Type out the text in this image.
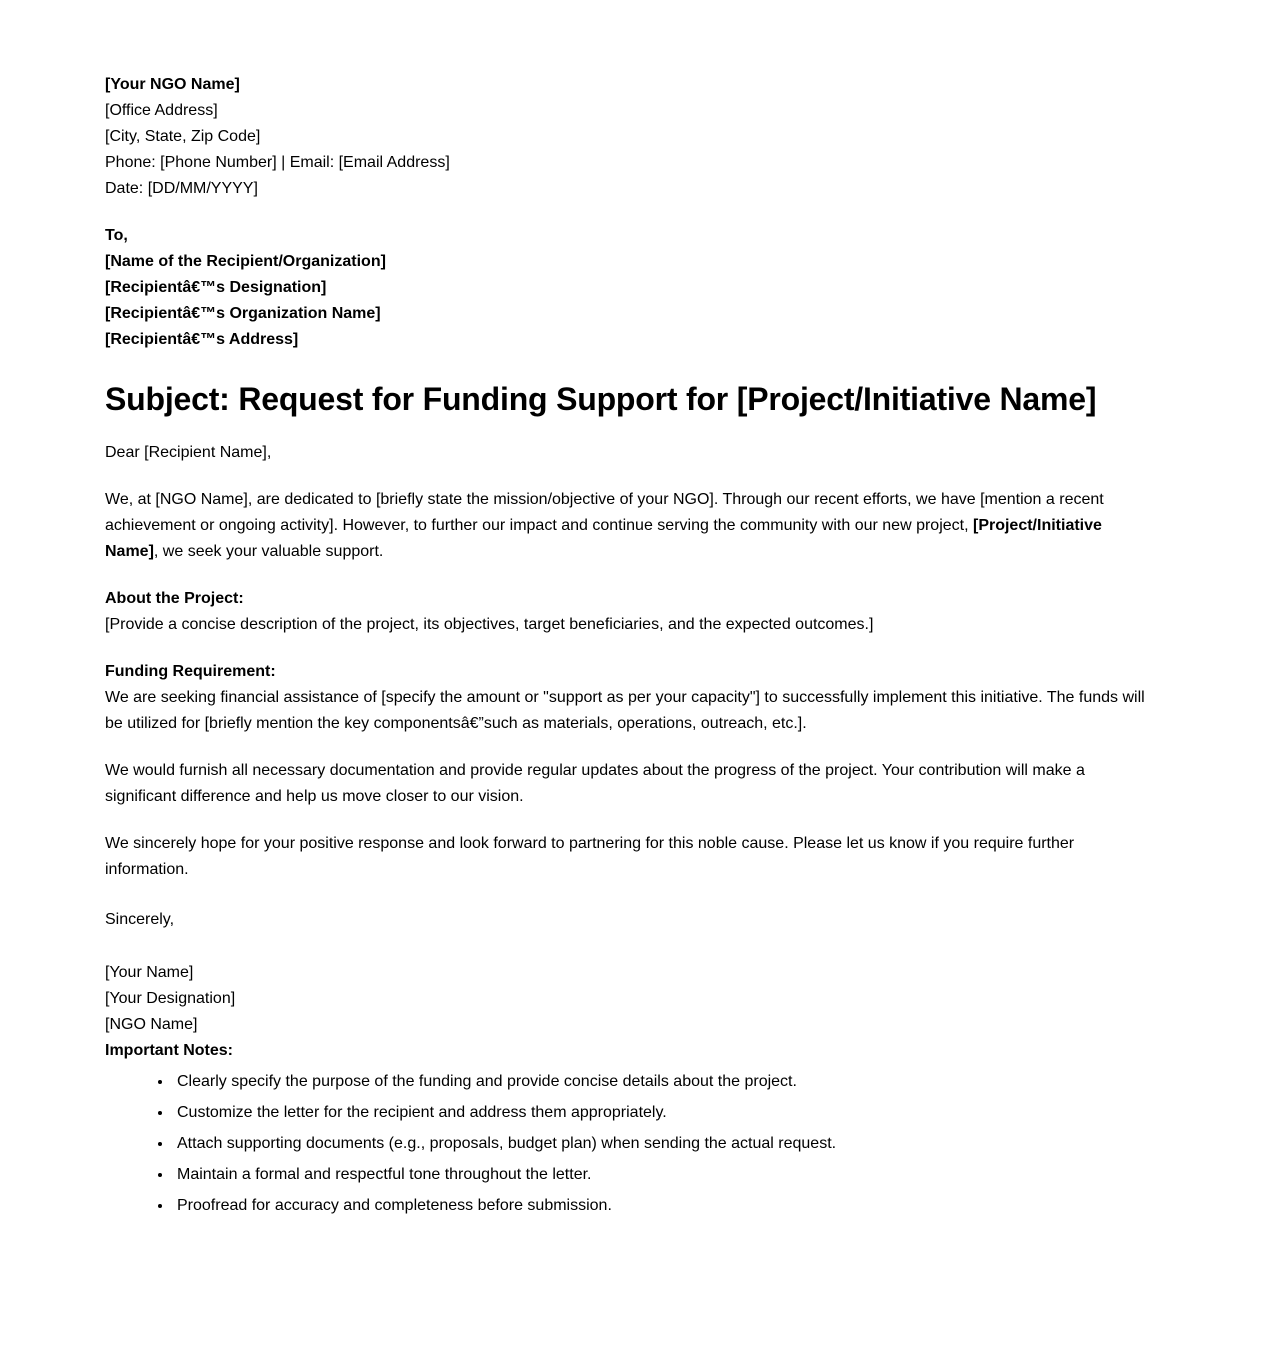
[Your NGO Name]
[Office Address]
[City, State, Zip Code]
Phone: [Phone Number] | Email: [Email Address]
Date: [DD/MM/YYYY]

To,
[Name of the Recipient/Organization]
[Recipientâ€™s Designation]
[Recipientâ€™s Organization Name]
[Recipientâ€™s Address]

Subject: Request for Funding Support for [Project/Initiative Name]

Dear [Recipient Name],

We, at [NGO Name], are dedicated to [briefly state the mission/objective of your NGO]. Through our recent efforts, we have [mention a recent achievement or ongoing activity]. However, to further our impact and continue serving the community with our new project, [Project/Initiative Name], we seek your valuable support.

About the Project:
[Provide a concise description of the project, its objectives, target beneficiaries, and the expected outcomes.]

Funding Requirement:
We are seeking financial assistance of [specify the amount or "support as per your capacity"] to successfully implement this initiative. The funds will be utilized for [briefly mention the key componentsâ€”such as materials, operations, outreach, etc.].

We would furnish all necessary documentation and provide regular updates about the progress of the project. Your contribution will make a significant difference and help us move closer to our vision.

We sincerely hope for your positive response and look forward to partnering for this noble cause. Please let us know if you require further information.

Sincerely,

[Your Name]
[Your Designation]
[NGO Name]
Important Notes:

• Clearly specify the purpose of the funding and provide concise details about the project.
• Customize the letter for the recipient and address them appropriately.
• Attach supporting documents (e.g., proposals, budget plan) when sending the actual request.
• Maintain a formal and respectful tone throughout the letter.
• Proofread for accuracy and completeness before submission.
